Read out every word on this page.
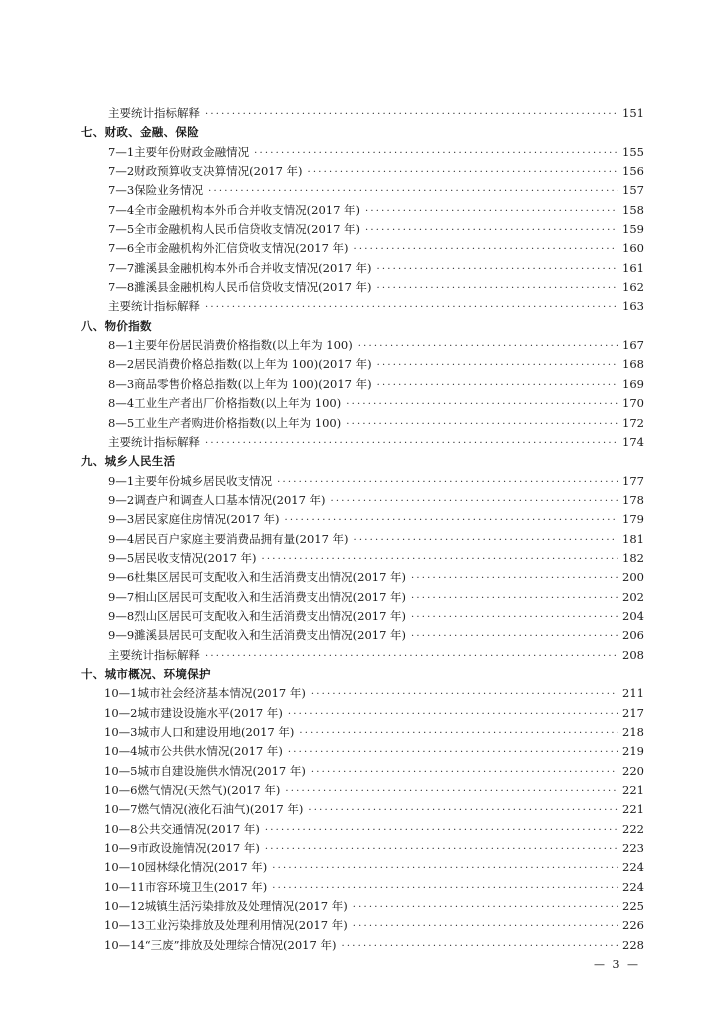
主要统计指标解释 ·····	151
七、财政、金融、保险
7—1 主要年份财政金融情况 ·····	155
7—2 财政预算收支决算情况(2017 年) ·····	156
7—3 保险业务情况 ·····	157
7—4 全市金融机构本外币合并收支情况(2017 年) ·····	158
7—5 全市金融机构人民币信贷收支情况(2017 年) ·····	159
7—6 全市金融机构外汇信贷收支情况(2017 年) ·····	160
7—7 濉溪县金融机构本外币合并收支情况(2017 年) ·····	161
7—8 濉溪县金融机构人民币信贷收支情况(2017 年) ·····	162
主要统计指标解释 ·····	163
八、物价指数
8—1 主要年份居民消费价格指数(以上年为 100) ·····	167
8—2 居民消费价格总指数(以上年为 100)(2017 年) ·····	168
8—3 商品零售价格总指数(以上年为 100)(2017 年) ·····	169
8—4 工业生产者出厂价格指数(以上年为 100) ·····	170
8—5 工业生产者购进价格指数(以上年为 100) ·····	172
主要统计指标解释 ·····	174
九、城乡人民生活
9—1 主要年份城乡居民收支情况 ·····	177
9—2 调查户和调查人口基本情况(2017 年) ·····	178
9—3 居民家庭住房情况(2017 年) ·····	179
9—4 居民百户家庭主要消费品拥有量(2017 年) ·····	181
9—5 居民收支情况(2017 年) ·····	182
9—6 杜集区居民可支配收入和生活消费支出情况(2017 年) ·····	200
9—7 相山区居民可支配收入和生活消费支出情况(2017 年) ·····	202
9—8 烈山区居民可支配收入和生活消费支出情况(2017 年) ·····	204
9—9 濉溪县居民可支配收入和生活消费支出情况(2017 年) ·····	206
主要统计指标解释 ·····	208
十、城市概况、环境保护
10—1 城市社会经济基本情况(2017 年) ·····	211
10—2 城市建设设施水平(2017 年) ·····	217
10—3 城市人口和建设用地(2017 年) ·····	218
10—4 城市公共供水情况(2017 年) ·····	219
10—5 城市自建设施供水情况(2017 年) ·····	220
10—6 燃气情况(天然气)(2017 年) ·····	221
10—7 燃气情况(液化石油气)(2017 年) ·····	221
10—8 公共交通情况(2017 年) ·····	222
10—9 市政设施情况(2017 年) ·····	223
10—10 园林绿化情况(2017 年) ·····	224
10—11 市容环境卫生(2017 年) ·····	224
10—12 城镇生活污染排放及处理情况(2017 年) ·····	225
10—13 工业污染排放及处理利用情况(2017 年) ·····	226
10—14 “三废”排放及处理综合情况(2017 年) ·····	228
— 3 —
